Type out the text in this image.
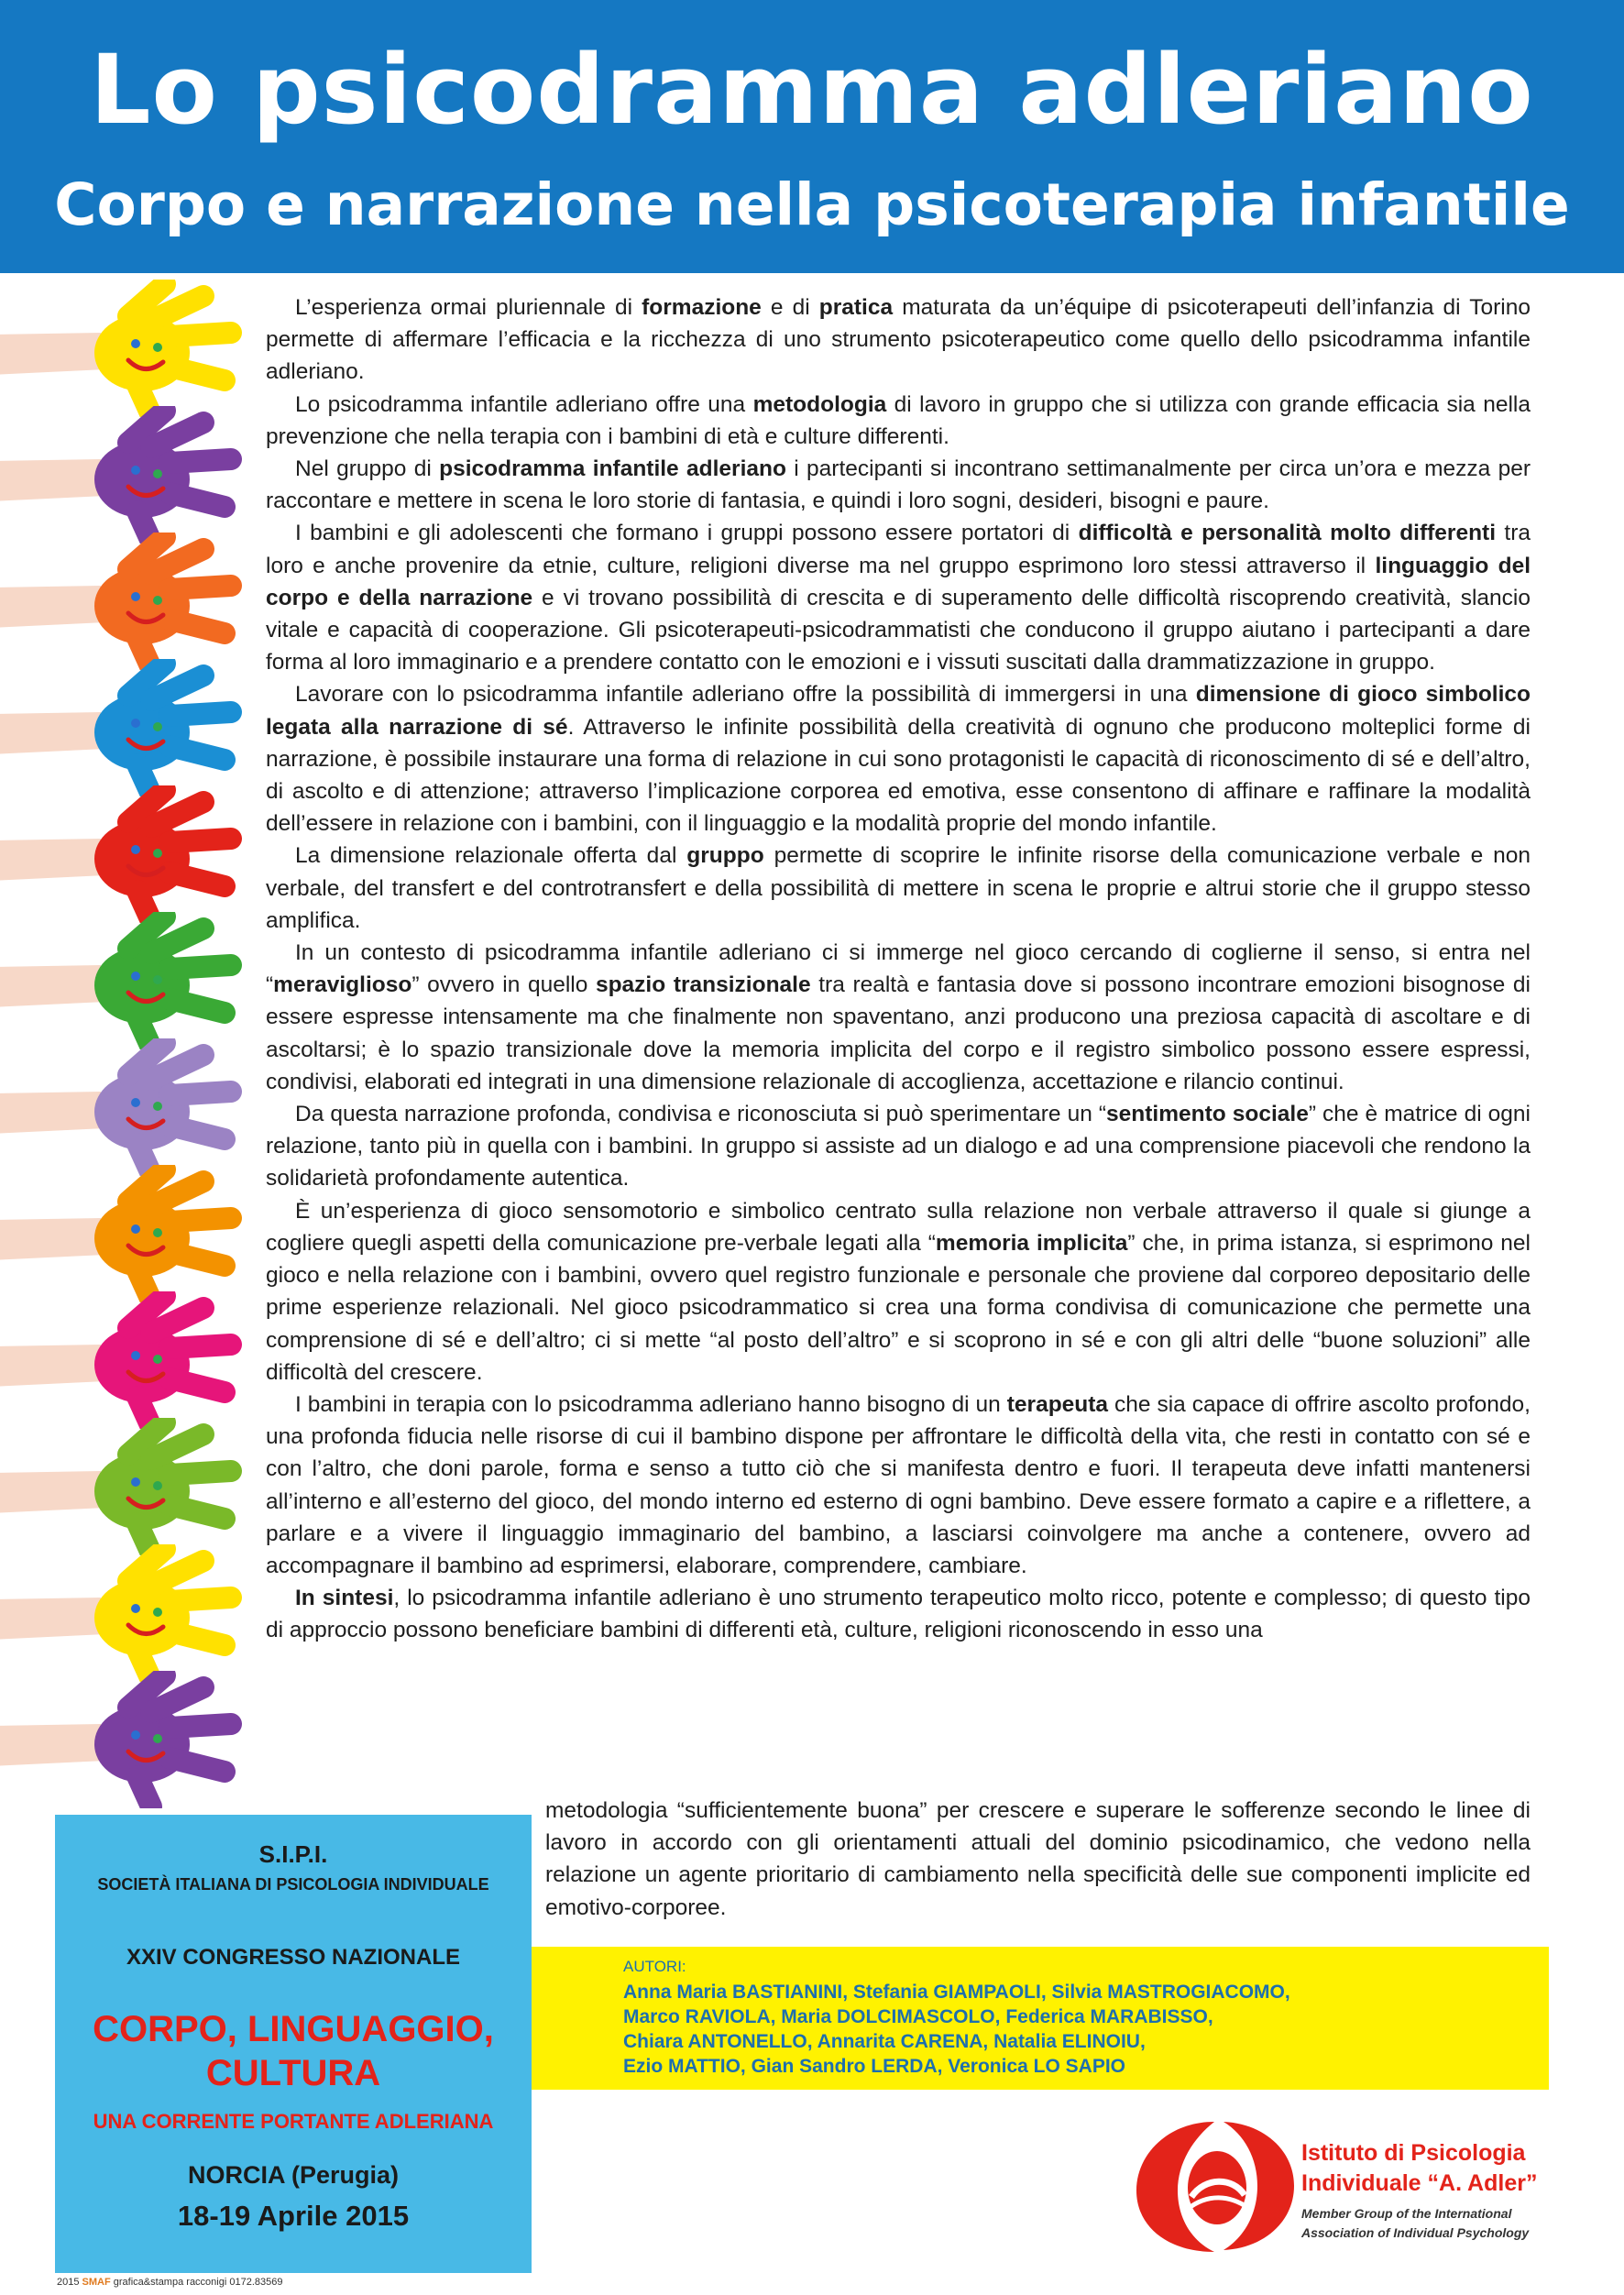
Lo psicodramma adleriano
Corpo e narrazione nella psicoterapia infantile

L’esperienza ormai pluriennale di formazione e di pratica maturata da un’équipe di psicoterapeuti dell’infanzia di Torino permette di affermare l’efficacia e la ricchezza di uno strumento psicoterapeutico come quello dello psicodramma infantile adleriano.

Lo psicodramma infantile adleriano offre una metodologia di lavoro in gruppo che si utilizza con grande efficacia sia nella prevenzione che nella terapia con i bambini di età e culture differenti.

Nel gruppo di psicodramma infantile adleriano i partecipanti si incontrano settimanalmente per circa un’ora e mezza per raccontare e mettere in scena le loro storie di fantasia, e quindi i loro sogni, desideri, bisogni e paure.

I bambini e gli adolescenti che formano i gruppi possono essere portatori di difficoltà e personalità molto differenti tra loro e anche provenire da etnie, culture, religioni diverse ma nel gruppo esprimono loro stessi attraverso il linguaggio del corpo e della narrazione e vi trovano possibilità di crescita e di superamento delle difficoltà riscoprendo creatività, slancio vitale e capacità di cooperazione. Gli psicoterapeuti-psicodrammatisti che conducono il gruppo aiutano i partecipanti a dare forma al loro immaginario e a prendere contatto con le emozioni e i vissuti suscitati dalla drammatizzazione in gruppo.

Lavorare con lo psicodramma infantile adleriano offre la possibilità di immergersi in una dimensione di gioco simbolico legata alla narrazione di sé. Attraverso le infinite possibilità della creatività di ognuno che producono molteplici forme di narrazione, è possibile instaurare una forma di relazione in cui sono protagonisti le capacità di riconoscimento di sé e dell’altro, di ascolto e di attenzione; attraverso l’implicazione corporea ed emotiva, esse consentono di affinare e raffinare la modalità dell’essere in relazione con i bambini, con il linguaggio e la modalità proprie del mondo infantile.

La dimensione relazionale offerta dal gruppo permette di scoprire le infinite risorse della comunicazione verbale e non verbale, del transfert e del controtransfert e della possibilità di mettere in scena le proprie e altrui storie che il gruppo stesso amplifica.

In un contesto di psicodramma infantile adleriano ci si immerge nel gioco cercando di coglierne il senso, si entra nel “meraviglioso” ovvero in quello spazio transizionale tra realtà e fantasia dove si possono incontrare emozioni bisognose di essere espresse intensamente ma che finalmente non spaventano, anzi producono una preziosa capacità di ascoltare e di ascoltarsi; è lo spazio transizionale dove la memoria implicita del corpo e il registro simbolico possono essere espressi, condivisi, elaborati ed integrati in una dimensione relazionale di accoglienza, accettazione e rilancio continui.

Da questa narrazione profonda, condivisa e riconosciuta si può sperimentare un “sentimento sociale” che è matrice di ogni relazione, tanto più in quella con i bambini. In gruppo si assiste ad un dialogo e ad una comprensione piacevoli che rendono la solidarietà profondamente autentica.

È un’esperienza di gioco sensomotorio e simbolico centrato sulla relazione non verbale attraverso il quale si giunge a cogliere quegli aspetti della comunicazione pre-verbale legati alla “memoria implicita” che, in prima istanza, si esprimono nel gioco e nella relazione con i bambini, ovvero quel registro funzionale e personale che proviene dal corporeo depositario delle prime esperienze relazionali. Nel gioco psicodrammatico si crea una forma condivisa di comunicazione che permette una comprensione di sé e dell’altro; ci si mette “al posto dell’altro” e si scoprono in sé e con gli altri delle “buone soluzioni” alle difficoltà del crescere.

I bambini in terapia con lo psicodramma adleriano hanno bisogno di un terapeuta che sia capace di offrire ascolto profondo, una profonda fiducia nelle risorse di cui il bambino dispone per affrontare le difficoltà della vita, che resti in contatto con sé e con l’altro, che doni parole, forma e senso a tutto ciò che si manifesta dentro e fuori. Il terapeuta deve infatti mantenersi all’interno e all’esterno del gioco, del mondo interno ed esterno di ogni bambino. Deve essere formato a capire e a riflettere, a parlare e a vivere il linguaggio immaginario del bambino, a lasciarsi coinvolgere ma anche a contenere, ovvero ad accompagnare il bambino ad esprimersi, elaborare, comprendere, cambiare.

In sintesi, lo psicodramma infantile adleriano è uno strumento terapeutico molto ricco, potente e complesso; di questo tipo di approccio possono beneficiare bambini di differenti età, culture, religioni riconoscendo in esso una

metodologia “sufficientemente buona” per crescere e superare le sofferenze secondo le linee di lavoro in accordo con gli orientamenti attuali del dominio psicodinamico, che vedono nella relazione un agente prioritario di cambiamento nella specificità delle sue componenti implicite ed emotivo-corporee.

S.I.P.I.
SOCIETÀ ITALIANA DI PSICOLOGIA INDIVIDUALE
XXIV CONGRESSO NAZIONALE
CORPO, LINGUAGGIO,
CULTURA
UNA CORRENTE PORTANTE ADLERIANA
NORCIA (Perugia)
18-19 Aprile 2015
AUTORI:
Anna Maria BASTIANINI, Stefania GIAMPAOLI, Silvia MASTROGIACOMO,
Marco RAVIOLA, Maria DOLCIMASCOLO, Federica MARABISSO,
Chiara ANTONELLO, Annarita CARENA, Natalia ELINOIU,
Ezio MATTIO, Gian Sandro LERDA, Veronica LO SAPIO
Istituto di Psicologia
Individuale “A. Adler”
Member Group of the International
Association of Individual Psychology
2015 SMAF grafica&stampa racconigi 0172.83569
